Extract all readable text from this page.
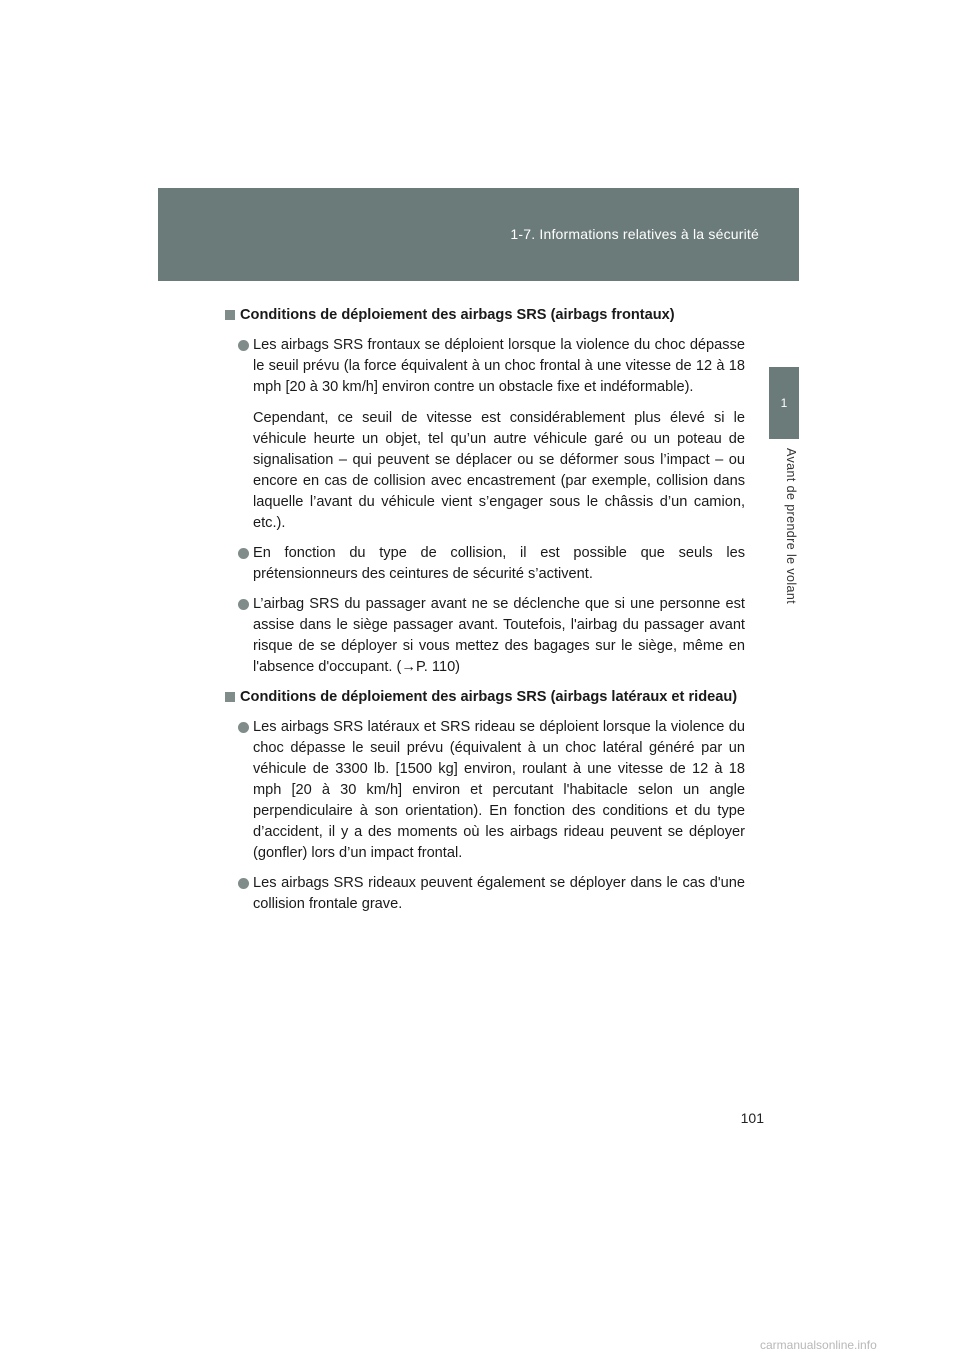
1-7. Informations relatives à la sécurité
1
Avant de prendre le volant
Conditions de déploiement des airbags SRS (airbags frontaux)

Les airbags SRS frontaux se déploient lorsque la violence du choc dépasse le seuil prévu (la force équivalent à un choc frontal à une vitesse de 12 à 18 mph [20 à 30 km/h] environ contre un obstacle fixe et indéformable).

Cependant, ce seuil de vitesse est considérablement plus élevé si le véhicule heurte un objet, tel qu’un autre véhicule garé ou un poteau de signalisation – qui peuvent se déplacer ou se déformer sous l’impact – ou encore en cas de collision avec encastrement (par exemple, collision dans laquelle l’avant du véhicule vient s’engager sous le châssis d’un camion, etc.).

En fonction du type de collision, il est possible que seuls les prétensionneurs des ceintures de sécurité s’activent.

L’airbag SRS du passager avant ne se déclenche que si une personne est assise dans le siège passager avant. Toutefois, l'airbag du passager avant risque de se déployer si vous mettez des bagages sur le siège, même en l'absence d'occupant. (→P. 110)

Conditions de déploiement des airbags SRS (airbags latéraux et rideau)

Les airbags SRS latéraux et SRS rideau se déploient lorsque la violence du choc dépasse le seuil prévu (équivalent à un choc latéral généré par un véhicule de 3300 lb. [1500 kg] environ, roulant à une vitesse de 12 à 18 mph [20 à 30 km/h] environ et percutant l'habitacle selon un angle perpendiculaire à son orientation). En fonction des conditions et du type d’accident, il y a des moments où les airbags rideau peuvent se déployer (gonfler) lors d’un impact frontal.

Les airbags SRS rideaux peuvent également se déployer dans le cas d'une collision frontale grave.

101
carmanualsonline.info
